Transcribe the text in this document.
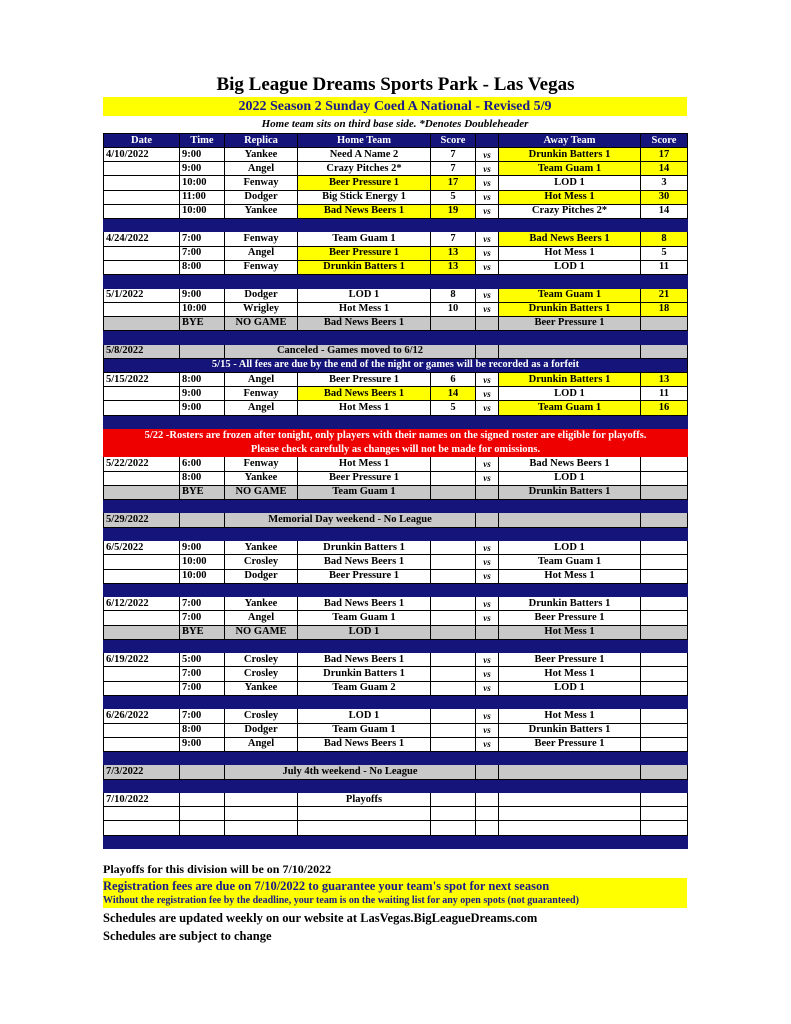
Big League Dreams Sports Park - Las Vegas
2022 Season 2 Sunday Coed A National - Revised 5/9
Home team sits on third base side. *Denotes Doubleheader
Date	Time	Replica	Home Team	Score		Away Team	Score
4/10/2022	9:00	Yankee	Need A Name 2	7	vs	Drunkin Batters 1	17
	9:00	Angel	Crazy Pitches 2*	7	vs	Team Guam 1	14
	10:00	Fenway	Beer Pressure 1	17	vs	LOD 1	3
	11:00	Dodger	Big Stick Energy 1	5	vs	Hot Mess 1	30
	10:00	Yankee	Bad News Beers 1	19	vs	Crazy Pitches 2*	14

4/24/2022	7:00	Fenway	Team Guam 1	7	vs	Bad News Beers 1	8
	7:00	Angel	Beer Pressure 1	13	vs	Hot Mess 1	5
	8:00	Fenway	Drunkin Batters 1	13	vs	LOD 1	11

5/1/2022	9:00	Dodger	LOD 1	8	vs	Team Guam 1	21
	10:00	Wrigley	Hot Mess 1	10	vs	Drunkin Batters 1	18
	BYE	NO GAME	Bad News Beers 1			Beer Pressure 1	

5/8/2022		Canceled - Games moved to 6/12					
5/15 - All fees are due by the end of the night or games will be recorded as a forfeit							
5/15/2022	8:00	Angel	Beer Pressure 1	6	vs	Drunkin Batters 1	13
	9:00	Fenway	Bad News Beers 1	14	vs	LOD 1	11
	9:00	Angel	Hot Mess 1	5	vs	Team Guam 1	16

5/22 -Rosters are frozen after tonight, only players with their names on the signed roster are eligible for playoffs.							
Please check carefully as changes will not be made for omissions.							
5/22/2022	6:00	Fenway	Hot Mess 1		vs	Bad News Beers 1	
	8:00	Yankee	Beer Pressure 1		vs	LOD 1	
	BYE	NO GAME	Team Guam 1			Drunkin Batters 1	

5/29/2022		Memorial Day weekend - No League					

6/5/2022	9:00	Yankee	Drunkin Batters 1		vs	LOD 1	
	10:00	Crosley	Bad News Beers 1		vs	Team Guam 1	
	10:00	Dodger	Beer Pressure 1		vs	Hot Mess 1	

6/12/2022	7:00	Yankee	Bad News Beers 1		vs	Drunkin Batters 1	
	7:00	Angel	Team Guam 1		vs	Beer Pressure 1	
	BYE	NO GAME	LOD 1			Hot Mess 1	

6/19/2022	5:00	Crosley	Bad News Beers 1		vs	Beer Pressure 1	
	7:00	Crosley	Drunkin Batters 1		vs	Hot Mess 1	
	7:00	Yankee	Team Guam 2		vs	LOD 1	

6/26/2022	7:00	Crosley	LOD 1		vs	Hot Mess 1	
	8:00	Dodger	Team Guam 1		vs	Drunkin Batters 1	
	9:00	Angel	Bad News Beers 1		vs	Beer Pressure 1	

7/3/2022		July 4th weekend - No League					

7/10/2022			Playoffs				

Playoffs for this division will be on 7/10/2022
Registration fees are due on 7/10/2022 to guarantee your team's spot for next season
Without the registration fee by the deadline, your team is on the waiting list for any open spots (not guaranteed)
Schedules are updated weekly on our website at LasVegas.BigLeagueDreams.com
Schedules are subject to change
